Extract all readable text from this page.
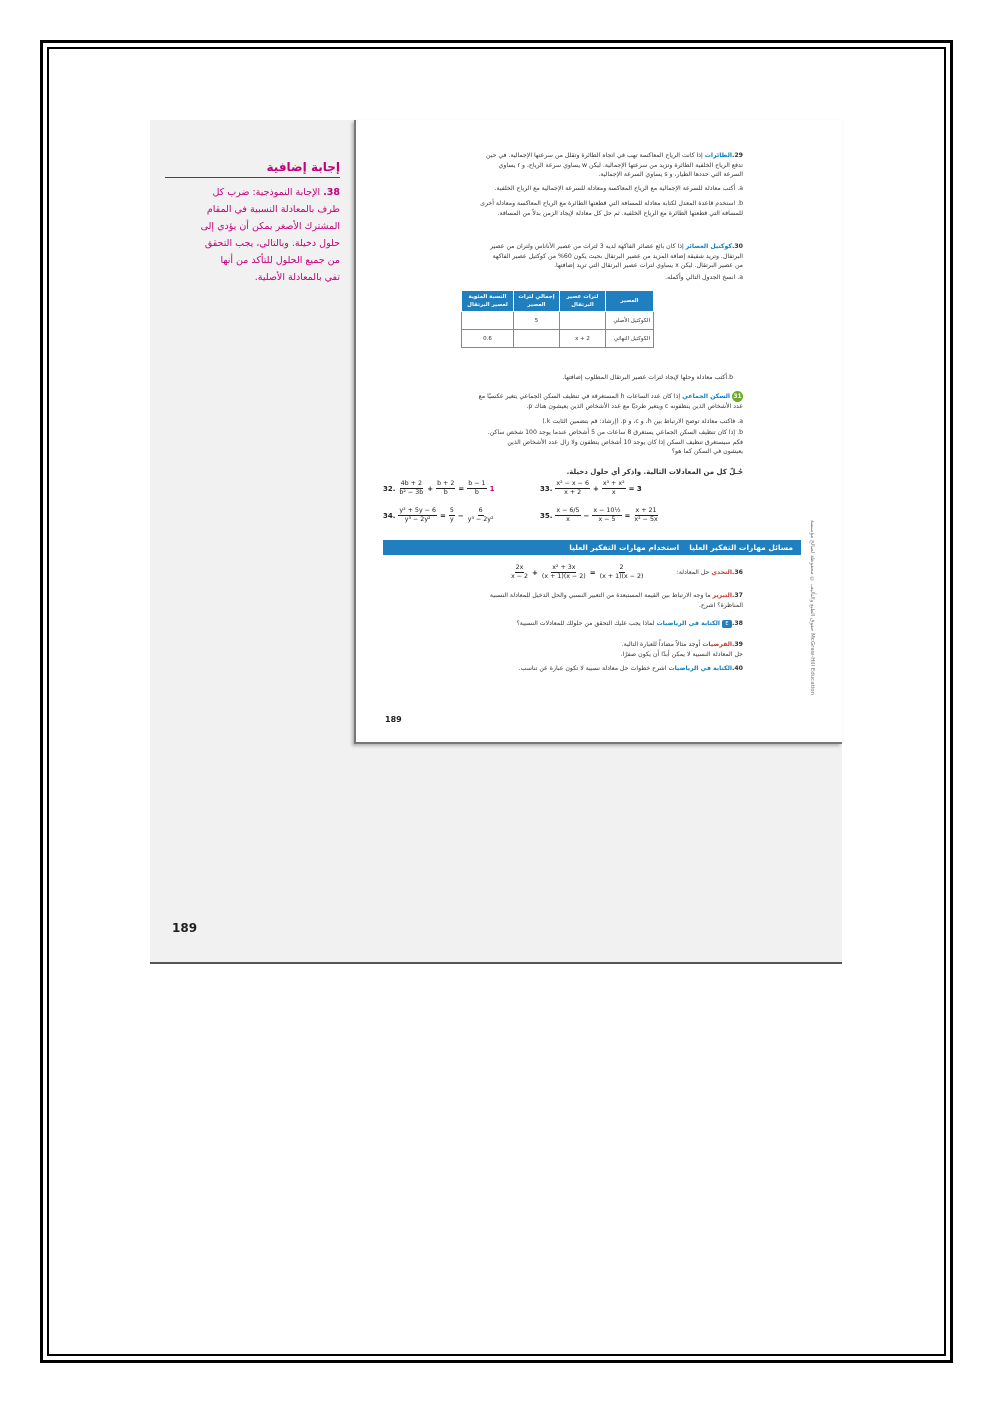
189
إجابة إضافية
38. الإجابة النموذجية: ضرب كل
طرف بالمعادلة النسبية في المقام
المشترك الأصغر يمكن أن يؤدي إلى
حلول دخيلة. وبالتالي، يجب التحقق
من جميع الحلول للتأكد من أنها
تفي بالمعادلة الأصلية.
189
حقوق الطبع والتأليف © محفوظة لصالح مؤسسة McGraw-Hill Education
29.الطائرات إذا كانت الرياح المعاكسة تهب في اتجاه الطائرة وتقلل من سرعتها الإجمالية. في حين
تدفع الرياح الخلفية الطائرة وتزيد من سرعتها الإجمالية. ليكن w يساوي سرعة الرياح، و r يساوي
السرعة التي حددها الطيار، و s يساوي السرعة الإجمالية.
a. أكتب معادلة للسرعة الإجمالية مع الرياح المعاكسة ومعادلة للسرعة الإجمالية مع الرياح الخلفية.
b. استخدم قاعدة المعدل لكتابة معادلة للمسافة التي قطعتها الطائرة مع الرياح المعاكسة ومعادلة أخرى
للمسافة التي قطعتها الطائرة مع الرياح الخلفية. ثم حل كل معادلة لإيجاد الزمن بدلاً من المسافة.
30.كوكتيل العصائر إذا كان بائع عصائر الفاكهة لديه 3 لترات من عصير الأناناس ولتران من عصير
البرتقال. وتريد شقيقة إضافة المزيد من عصير البرتقال بحيث يكون 60% من كوكتيل عصير الفاكهة
من عصير البرتقال. ليكن x يساوي لترات عصير البرتقال التي تريد إضافتها.
a. انسخ الجدول التالي وأكمله.
العصير	لترات عصير البرتقال	إجمالي لترات العصير	النسبة المئوية لعصير البرتقال
الكوكتيل الأصلي		5	
الكوكتيل النهائي	x + 2		0.6
b.أكتب معادلة وحلها لإيجاد لترات عصير البرتقال المطلوب إضافتها.
31 السكن الجماعي إذا كان عدد الساعات h المستغرقة في تنظيف السكن الجماعي يتغير عكسيًا مع
عدد الأشخاص الذين ينظفونه c ويتغير طرديًا مع عدد الأشخاص الذين يعيشون هناك p.
a. فاكتب معادلة توضح الارتباط بين h، و c، و p. (إرشاد: قم بتضمين الثابت k.)
b. إذا كان تنظيف السكن الجماعي يستغرق 8 ساعات من 5 أشخاص عندما يوجد 100 شخص ساكن.
فكم سيستغرق تنظيف السكن إذا كان يوجد 10 أشخاص ينظفون ولا زال عدد الأشخاص الذين
يعيشون في السكن كما هو؟
حُـلّ كل من المعادلات التالية. واذكر أي حلول دخيلة.
32. $\frac{4b + 2}{\text{b² − 3b}} + \frac{b + 2}{b} = \frac{b - 1}{b} 1$	33. $\frac{\text{x² − x − 6}}{x + 2} + \frac{\text{x³ + x²}}{x} = 3$
34. $\frac{\text{y² + 5y − 6}}{\text{y³ − 2y²}} = \frac{5}{y} - \frac{6}{\text{y³ − 2y²}}$	35. $\frac{x - 6/5}{x} - \frac{\text{x − 10½}}{x - 5} = \frac{x + 21}{\text{x² − 5x}}$
مسائل مهارات التفكير العليا
استخدام مهارات التفكير العليا
36.التحدي حل المعادلة:
$\frac{2x}{x - 2} + \frac{\text{x² + 3x}}{(x + 1)(x - 2)} = \frac{2}{(x + 1)(x - 2)}$
37.التبرير ما وجه الارتباط بين القيمة المستبعدة من التعبير النسبي والحل الدخيل للمعادلة النسبية
المناظرة؟ اشرح.
38.E الكتابة في الرياضيات لماذا يجب عليك التحقق من حلولك للمعادلات النسبية؟
39.الفرضيات أوجد مثالاً مضاداً للعبارة التالية.
حل المعادلة النسبية لا يمكن أبدًا أن يكون صفرًا.
40.الكتابة في الرياضيات اشرح خطوات حل معادلة نسبية لا تكون عبارة عن تناسب.
